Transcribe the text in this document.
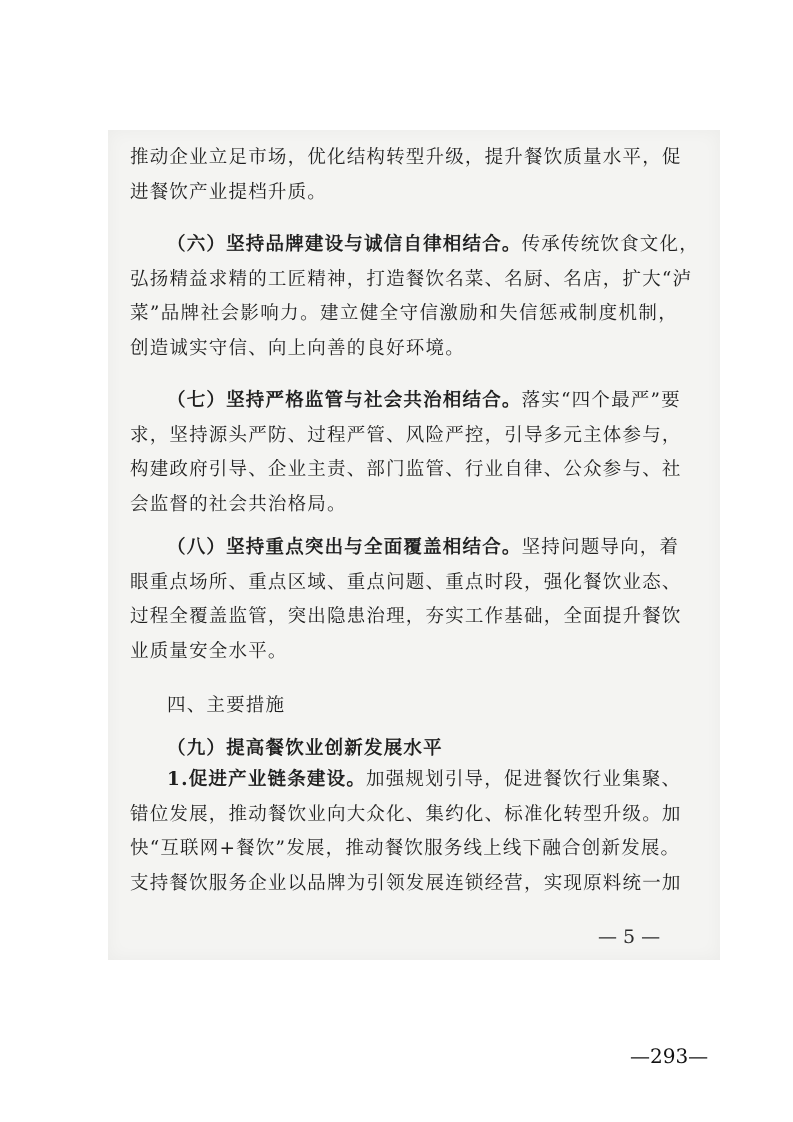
推动企业立足市场，优化结构转型升级，提升餐饮质量水平，促
进餐饮产业提档升质。
（六）坚持品牌建设与诚信自律相结合。传承传统饮食文化，
弘扬精益求精的工匠精神，打造餐饮名菜、名厨、名店，扩大“泸
菜”品牌社会影响力。建立健全守信激励和失信惩戒制度机制，
创造诚实守信、向上向善的良好环境。
（七）坚持严格监管与社会共治相结合。落实“四个最严”要
求，坚持源头严防、过程严管、风险严控，引导多元主体参与，
构建政府引导、企业主责、部门监管、行业自律、公众参与、社
会监督的社会共治格局。
（八）坚持重点突出与全面覆盖相结合。坚持问题导向，着
眼重点场所、重点区域、重点问题、重点时段，强化餐饮业态、
过程全覆盖监管，突出隐患治理，夯实工作基础，全面提升餐饮
业质量安全水平。
四、主要措施
（九）提高餐饮业创新发展水平
1.促进产业链条建设。加强规划引导，促进餐饮行业集聚、
错位发展，推动餐饮业向大众化、集约化、标准化转型升级。加
快“互联网+餐饮”发展，推动餐饮服务线上线下融合创新发展。
支持餐饮服务企业以品牌为引领发展连锁经营，实现原料统一加
— 5 —
—293—
